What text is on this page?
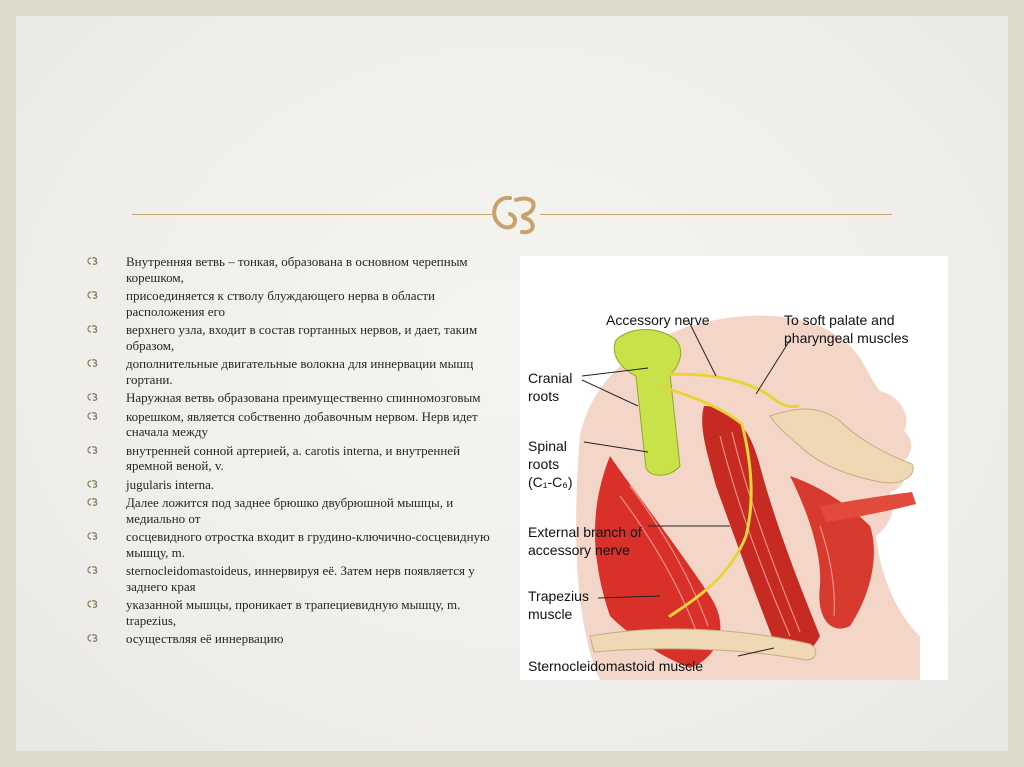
Внутренняя ветвь – тонкая, образована в основном черепным корешком,
присоединяется к стволу блуждающего нерва в области расположения его
верхнего узла, входит в состав гортанных нервов, и дает, таким образом,
дополнительные двигательные волокна для иннервации мышц гортани.
Наружная ветвь образована преимущественно спинномозговым
корешком, является собственно добавочным нервом. Нерв идет сначала между
внутренней сонной артерией, a. carotis interna, и внутренней яремной веной, v.
jugularis interna.
Далее ложится под заднее брюшко двубрюшной мышцы, и медиально от
сосцевидного отростка входит в грудино-ключично-сосцевидную мышцу, m.
sternocleidomastoideus, иннервируя её. Затем нерв появляется у заднего края
указанной мышцы, проникает в трапециевидную мышцу, m. trapezius,
осуществляя её иннервацию
Accessory nerve	To soft palate and
pharyngeal muscles
Cranial
roots
Spinal
roots
(C₁-C₆)
External branch of
accessory nerve
Trapezius
muscle
Sternocleidomastoid muscle
